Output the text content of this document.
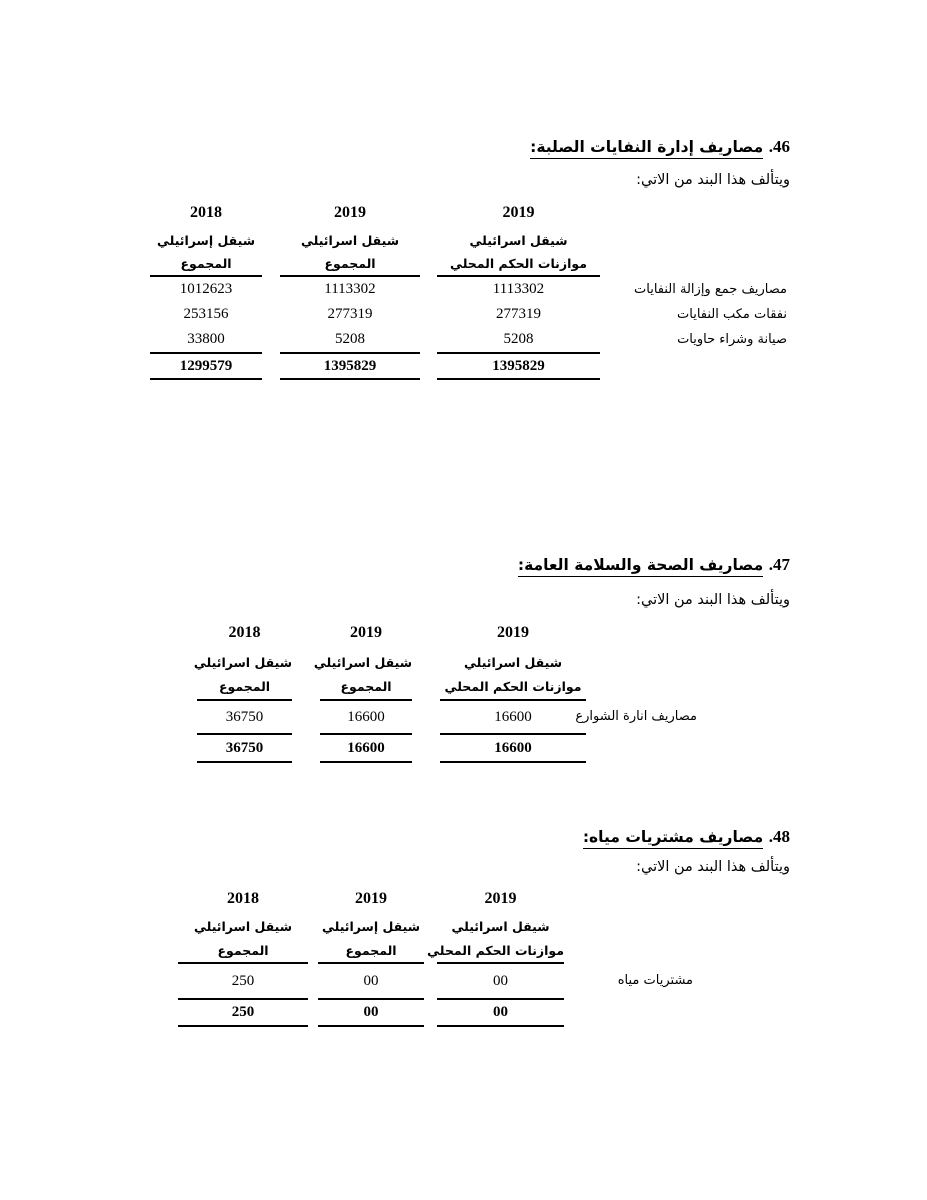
46. مصاريف إدارة النفايات الصلبة:
ويتألف هذا البند من الاتي:
2018
شيقل إسرائيلي
المجموع
1012623
253156
33800
1299579
2019
شيقل اسرائيلي
المجموع
1113302
277319
5208
1395829
2019
شيقل اسرائيلي
موازنات الحكم المحلي
1113302
277319
5208
1395829
مصاريف جمع وإزالة النفايات
نفقات مكب النفايات
صيانة وشراء حاويات
47. مصاريف الصحة والسلامة العامة:
ويتألف هذا البند من الاتي:
2018
شيقل اسرائيلي
المجموع
36750
36750
2019
شيقل اسرائيلي
المجموع
16600
16600
2019
شيقل اسرائيلي
موازنات الحكم المحلي
16600
16600
مصاريف انارة الشوارع
48. مصاريف مشتريات مياه:
ويتألف هذا البند من الاتي:
2018
شيقل اسرائيلي
المجموع
250
250
2019
شيقل إسرائيلي
المجموع
00
00
2019
شيقل اسرائيلي
موازنات الحكم المحلي
00
00
مشتريات مياه
